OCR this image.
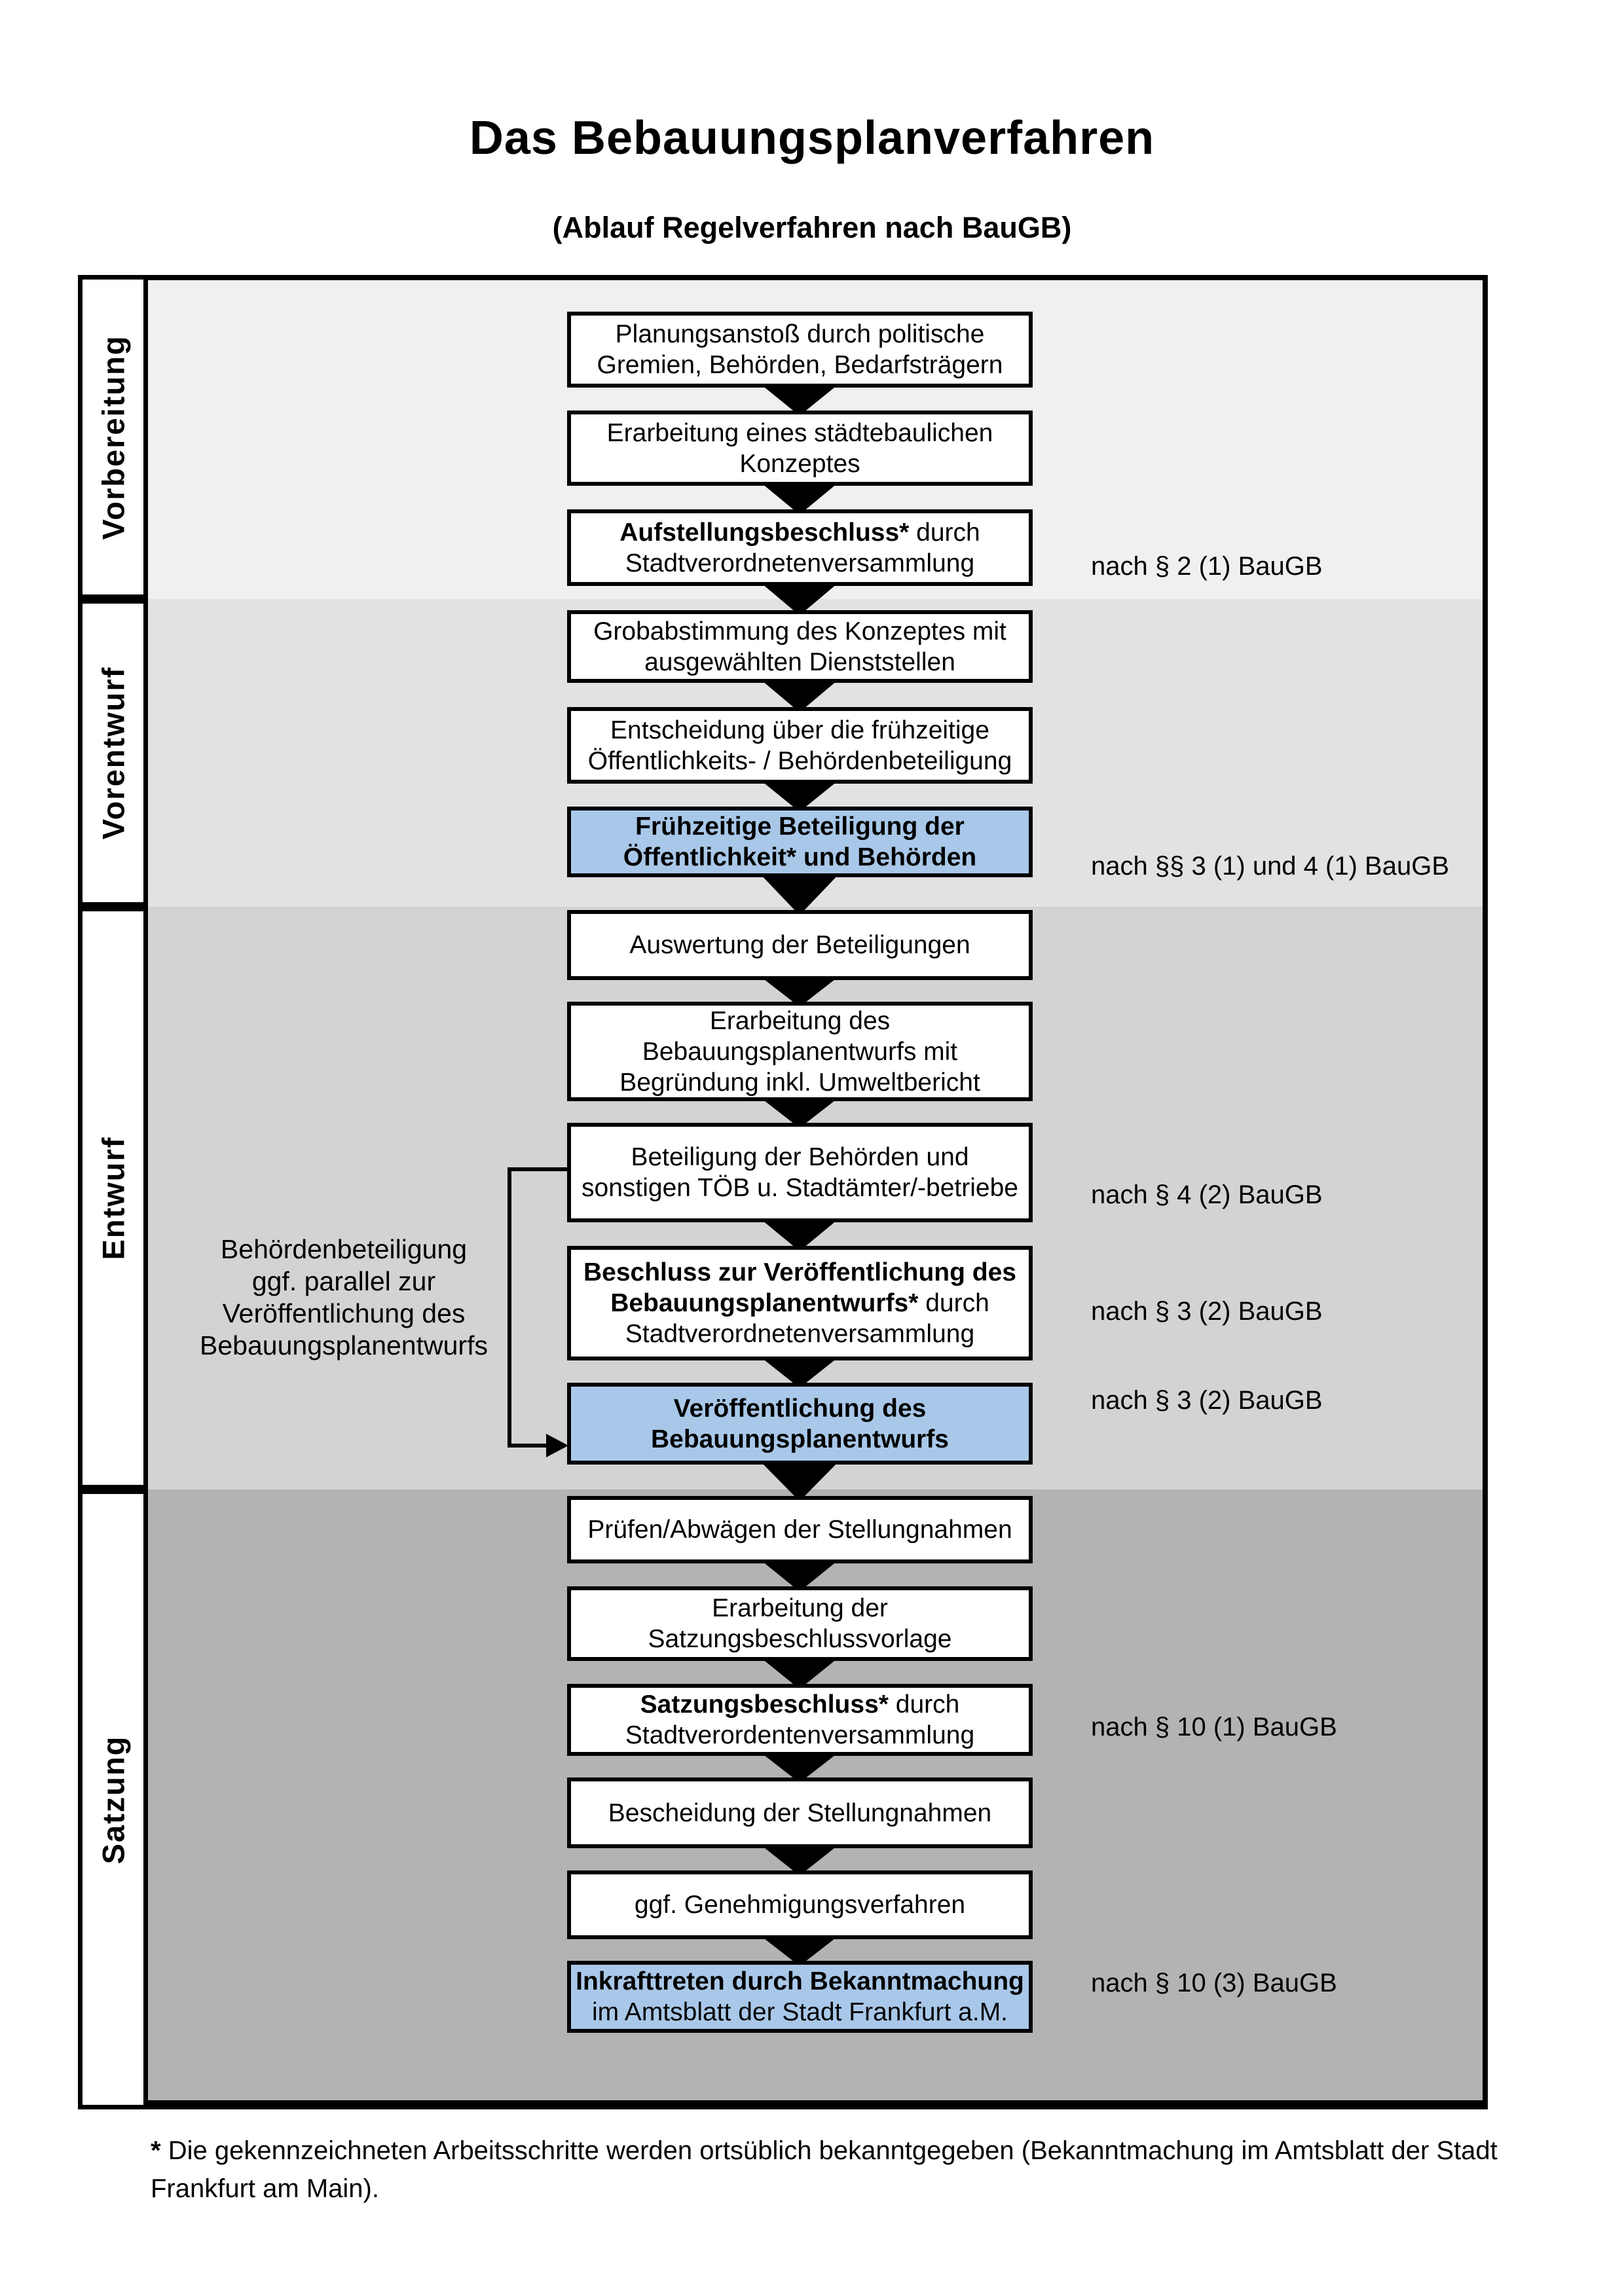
Das Bebauungsplanverfahren
(Ablauf Regelverfahren nach BauGB)
Planungsanstoß durch politische
Gremien, Behörden, Bedarfsträgern
Erarbeitung eines städtebaulichen
Konzeptes
Aufstellungsbeschluss* durch
Stadtverordnetenversammlung
Grobabstimmung des Konzeptes mit
ausgewählten Dienststellen
Entscheidung über die frühzeitige
Öffentlichkeits- / Behördenbeteiligung
Frühzeitige Beteiligung der
Öffentlichkeit* und Behörden
Auswertung der Beteiligungen
Erarbeitung des
Bebauungsplanentwurfs mit
Begründung inkl. Umweltbericht
Beteiligung der Behörden und
sonstigen TÖB u. Stadtämter/-betriebe
Beschluss zur Veröffentlichung des
Bebauungsplanentwurfs* durch
Stadtverordnetenversammlung
Veröffentlichung des
Bebauungsplanentwurfs
Prüfen/Abwägen der Stellungnahmen
Erarbeitung der
Satzungsbeschlussvorlage
Satzungsbeschluss* durch
Stadtverordentenversammlung
Bescheidung der Stellungnahmen
ggf. Genehmigungsverfahren
Inkrafttreten durch Bekanntmachung
im Amtsblatt der Stadt Frankfurt a.M.
Behördenbeteiligung
ggf. parallel zur
Veröffentlichung des
Bebauungsplanentwurfs
nach § 2 (1) BauGB
nach §§ 3 (1) und 4 (1) BauGB
nach § 4 (2) BauGB
nach § 3 (2) BauGB
nach § 3 (2) BauGB
nach § 10 (1) BauGB
nach § 10 (3) BauGB
Vorbereitung
Vorentwurf
Entwurf
Satzung
* Die gekennzeichneten Arbeitsschritte werden ortsüblich bekanntgegeben (Bekanntmachung im Amtsblatt der Stadt
Frankfurt am Main).
